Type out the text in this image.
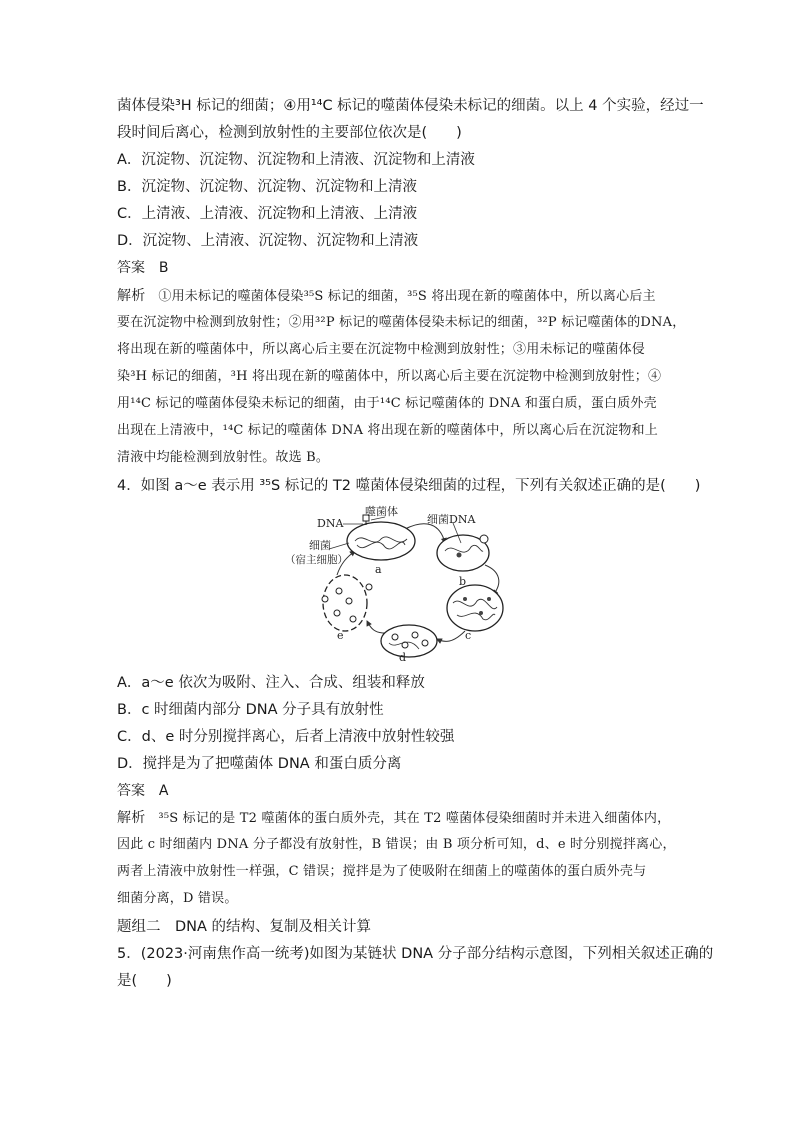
菌体侵染³H 标记的细菌；④用¹⁴C 标记的噬菌体侵染未标记的细菌。以上 4 个实验，经过一
段时间后离心，检测到放射性的主要部位依次是(　　)
A．沉淀物、沉淀物、沉淀物和上清液、沉淀物和上清液
B．沉淀物、沉淀物、沉淀物、沉淀物和上清液
C．上清液、上清液、沉淀物和上清液、上清液
D．沉淀物、上清液、沉淀物、沉淀物和上清液
答案 B
解析 ①用未标记的噬菌体侵染³⁵S 标记的细菌，³⁵S 将出现在新的噬菌体中，所以离心后主
要在沉淀物中检测到放射性；②用³²P 标记的噬菌体侵染未标记的细菌，³²P 标记噬菌体的DNA，
将出现在新的噬菌体中，所以离心后主要在沉淀物中检测到放射性；③用未标记的噬菌体侵
染³H 标记的细菌，³H 将出现在新的噬菌体中，所以离心后主要在沉淀物中检测到放射性；④
用¹⁴C 标记的噬菌体侵染未标记的细菌，由于¹⁴C 标记噬菌体的 DNA 和蛋白质，蛋白质外壳
出现在上清液中，¹⁴C 标记的噬菌体 DNA 将出现在新的噬菌体中，所以离心后在沉淀物和上
清液中均能检测到放射性。故选 B。
4．如图 a～e 表示用 ³⁵S 标记的 T2 噬菌体侵染细菌的过程，下列有关叙述正确的是(　　)
噬菌体
DNA	细菌DNA
细菌
（宿主细胞）
a
b
c
d
e
A．a～e 依次为吸附、注入、合成、组装和释放
B．c 时细菌内部分 DNA 分子具有放射性
C．d、e 时分别搅拌离心，后者上清液中放射性较强
D．搅拌是为了把噬菌体 DNA 和蛋白质分离
答案 A
解析 ³⁵S 标记的是 T2 噬菌体的蛋白质外壳，其在 T2 噬菌体侵染细菌时并未进入细菌体内，
因此 c 时细菌内 DNA 分子都没有放射性，B 错误；由 B 项分析可知，d、e 时分别搅拌离心，
两者上清液中放射性一样强，C 错误；搅拌是为了使吸附在细菌上的噬菌体的蛋白质外壳与
细菌分离，D 错误。
题组二　DNA 的结构、复制及相关计算
5．(2023·河南焦作高一统考)如图为某链状 DNA 分子部分结构示意图，下列相关叙述正确的
是(　　)
